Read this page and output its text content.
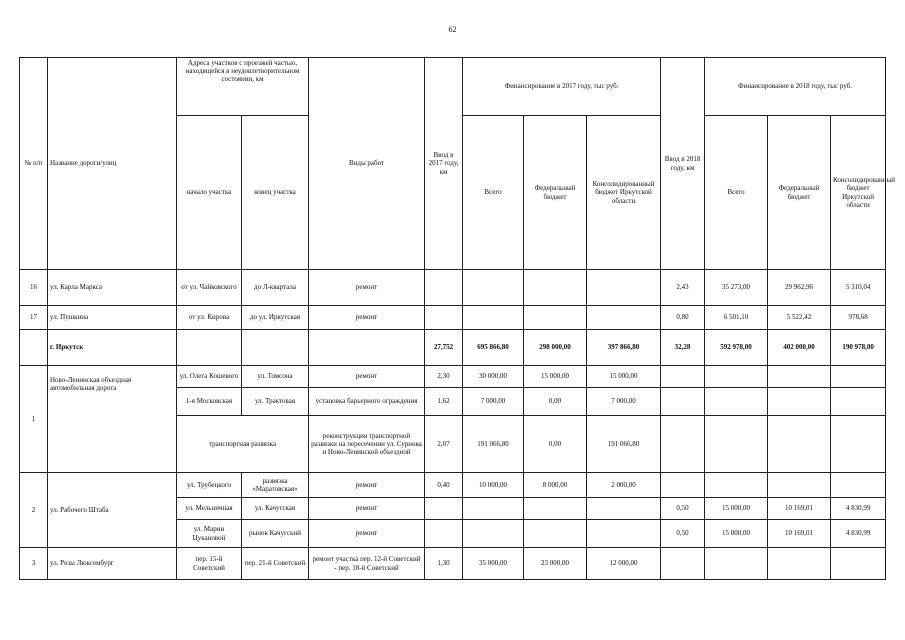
62
№ п/п	Название дороги/улиц	Адреса участков с проезжей частью, находящейся в неудовлетворительном состоянии, км		Виды работ	Ввод в 2017 году, км	Финансирование в 2017 году, тыс руб.			Ввод в 2018 году, км	Финансирование в 2018 году, тыс руб.		
		начало участка	конец участка			Всего	Федеральный бюджет	Консолидированный бюджет Иркутской области		Всего	Федеральный бюджет	Консолидированный бюджет Иркутской области
16	ул. Карла Маркса	от ул. Чайковского	до Л-квартала	ремонт					2,43	35 273,00	29 962,96	5 310,04
17	ул. Пушкина	от ул. Кирова	до ул. Иркутская	ремонт					0,80	6 501,10	5 522,42	978,68
	г. Иркутск				27,752	695 866,80	298 000,00	397 866,80	32,28	592 978,00	402 000,00	190 978,00
1	Ново-Ленинская объездная автомобильная дорога	ул. Олега Кошевого	ул. Томсона	ремонт	2,30	30 000,00	15 000,00	15 000,00				
		1-я Московская	ул. Трактовая	установка барьерного ограждения	1,62	7 000,00	0,00	7 000,00				
		транспортная развязка		реконструкция транспортной развязки на пересечении ул. Сурнова и Ново-Ленинской объездной	2,07	191 066,80	0,00	191 066,80				
2	ул. Рабочего Штаба	ул. Трубецкого	развязка «Маратовская»	ремонт	0,40	10 000,00	8 000,00	2 000,00				
		ул. Мельничная	ул. Качугская	ремонт					0,50	15 000,00	10 169,01	4 830,99
		ул. Марии Цукановой	рынок Качугский	ремонт					0,50	15 000,00	10 169,01	4 830,99
3	ул. Розы Люксембург	пер. 15-й Советский	пер. 21-й Советский	ремонт участка пер. 12-й Советский - пер. 18-й Советский	1,30	35 000,00	23 000,00	12 000,00				
